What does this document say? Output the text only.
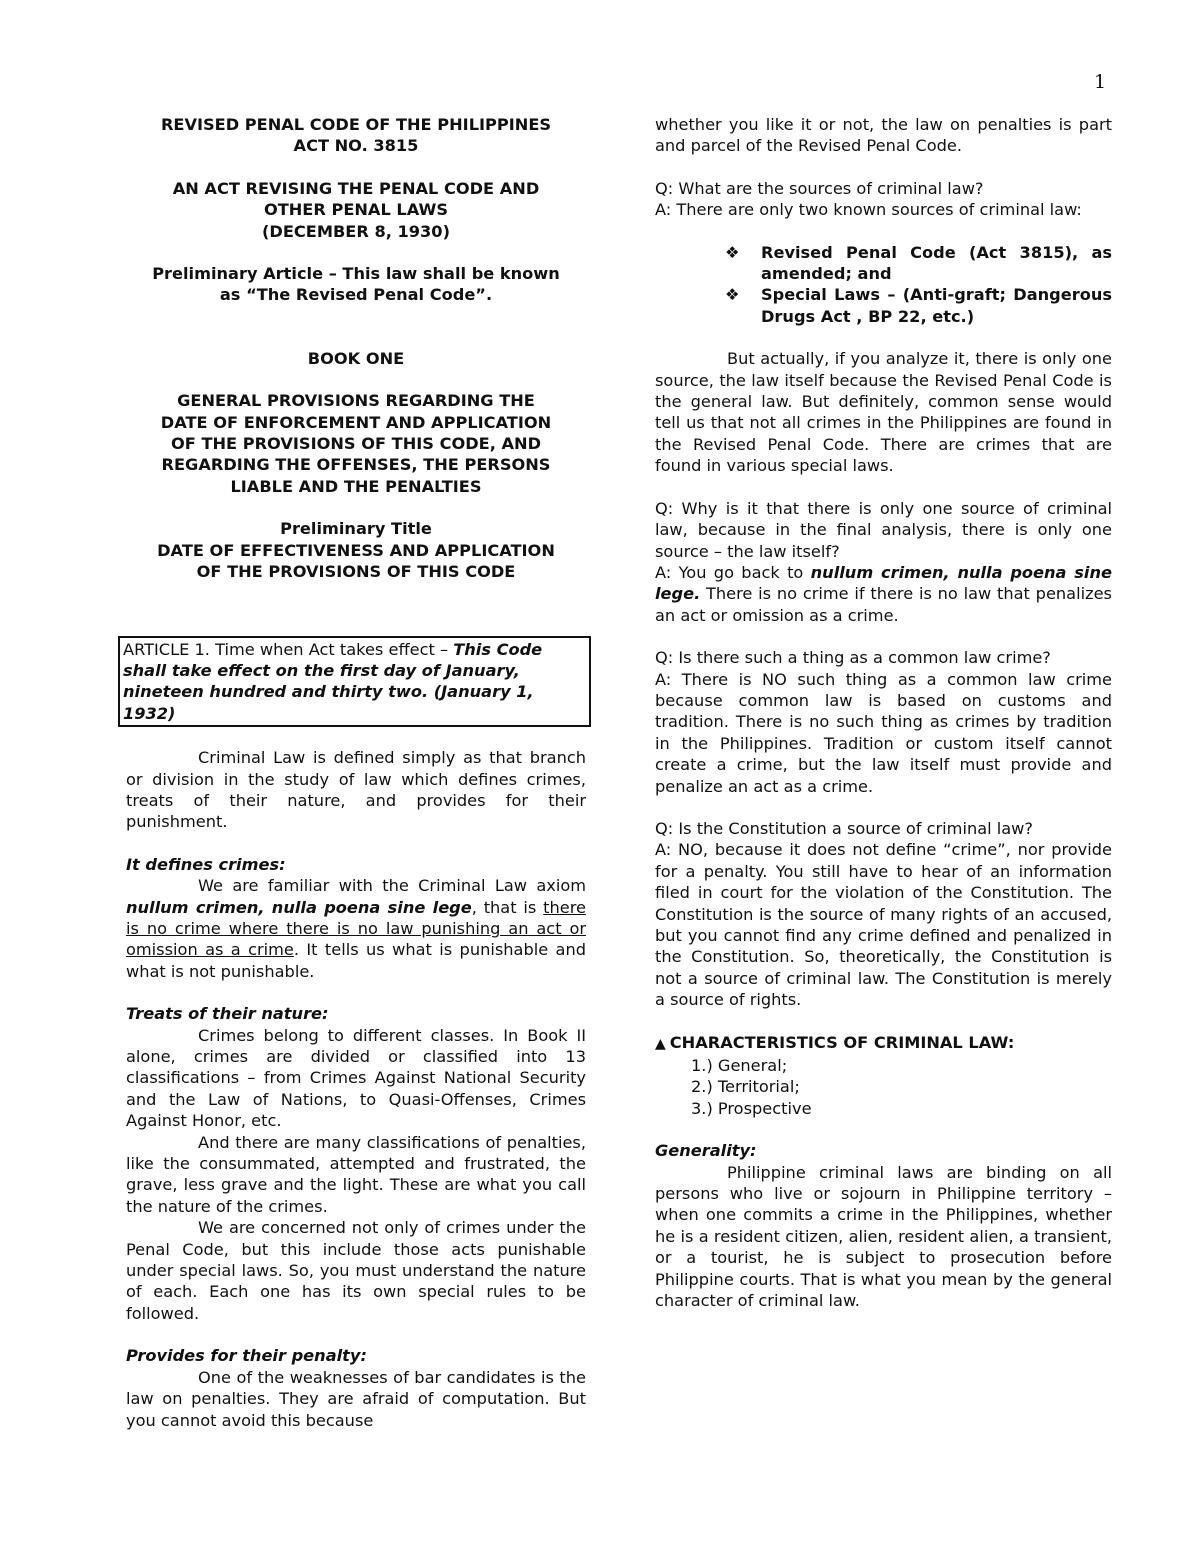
1

REVISED PENAL CODE OF THE PHILIPPINES

ACT NO. 3815

AN ACT REVISING THE PENAL CODE AND

OTHER PENAL LAWS

(DECEMBER 8, 1930)

Preliminary Article – This law shall be known

as “The Revised Penal Code”.

BOOK ONE

GENERAL PROVISIONS REGARDING THE

DATE OF ENFORCEMENT AND APPLICATION

OF THE PROVISIONS OF THIS CODE, AND

REGARDING THE OFFENSES, THE PERSONS

LIABLE AND THE PENALTIES

Preliminary Title

DATE OF EFFECTIVENESS AND APPLICATION

OF THE PROVISIONS OF THIS CODE

ARTICLE 1. Time when Act takes effect – This Code shall take effect on the first day of January, nineteen hundred and thirty two. (January 1, 1932)

Criminal Law is defined simply as that branch or division in the study of law which defines crimes, treats of their nature, and provides for their punishment.

It defines crimes:

We are familiar with the Criminal Law axiom nullum crimen, nulla poena sine lege, that is there is no crime where there is no law punishing an act or omission as a crime. It tells us what is punishable and what is not punishable.

Treats of their nature:

Crimes belong to different classes. In Book II alone, crimes are divided or classified into 13 classifications – from Crimes Against National Security and the Law of Nations, to Quasi-Offenses, Crimes Against Honor, etc.

And there are many classifications of penalties, like the consummated, attempted and frustrated, the grave, less grave and the light. These are what you call the nature of the crimes.

We are concerned not only of crimes under the Penal Code, but this include those acts punishable under special laws. So, you must understand the nature of each. Each one has its own special rules to be followed.

Provides for their penalty:

One of the weaknesses of bar candidates is the law on penalties. They are afraid of computation. But you cannot avoid this because

whether you like it or not, the law on penalties is part and parcel of the Revised Penal Code.

Q: What are the sources of criminal law?

A: There are only two known sources of criminal law:

❖ Revised Penal Code (Act 3815), as amended; and
❖ Special Laws – (Anti-graft; Dangerous Drugs Act , BP 22, etc.)

But actually, if you analyze it, there is only one source, the law itself because the Revised Penal Code is the general law. But definitely, common sense would tell us that not all crimes in the Philippines are found in the Revised Penal Code. There are crimes that are found in various special laws.

Q: Why is it that there is only one source of criminal law, because in the final analysis, there is only one source – the law itself?

A: You go back to nullum crimen, nulla poena sine lege. There is no crime if there is no law that penalizes an act or omission as a crime.

Q: Is there such a thing as a common law crime?

A: There is NO such thing as a common law crime because common law is based on customs and tradition. There is no such thing as crimes by tradition in the Philippines. Tradition or custom itself cannot create a crime, but the law itself must provide and penalize an act as a crime.

Q: Is the Constitution a source of criminal law?

A: NO, because it does not define “crime”, nor provide for a penalty. You still have to hear of an information filed in court for the violation of the Constitution. The Constitution is the source of many rights of an accused, but you cannot find any crime defined and penalized in the Constitution. So, theoretically, the Constitution is not a source of criminal law. The Constitution is merely a source of rights.

▲ CHARACTERISTICS OF CRIMINAL LAW:

1.) General;
2.) Territorial;
3.) Prospective

Generality:

Philippine criminal laws are binding on all persons who live or sojourn in Philippine territory – when one commits a crime in the Philippines, whether he is a resident citizen, alien, resident alien, a transient, or a tourist, he is subject to prosecution before Philippine courts. That is what you mean by the general character of criminal law.
